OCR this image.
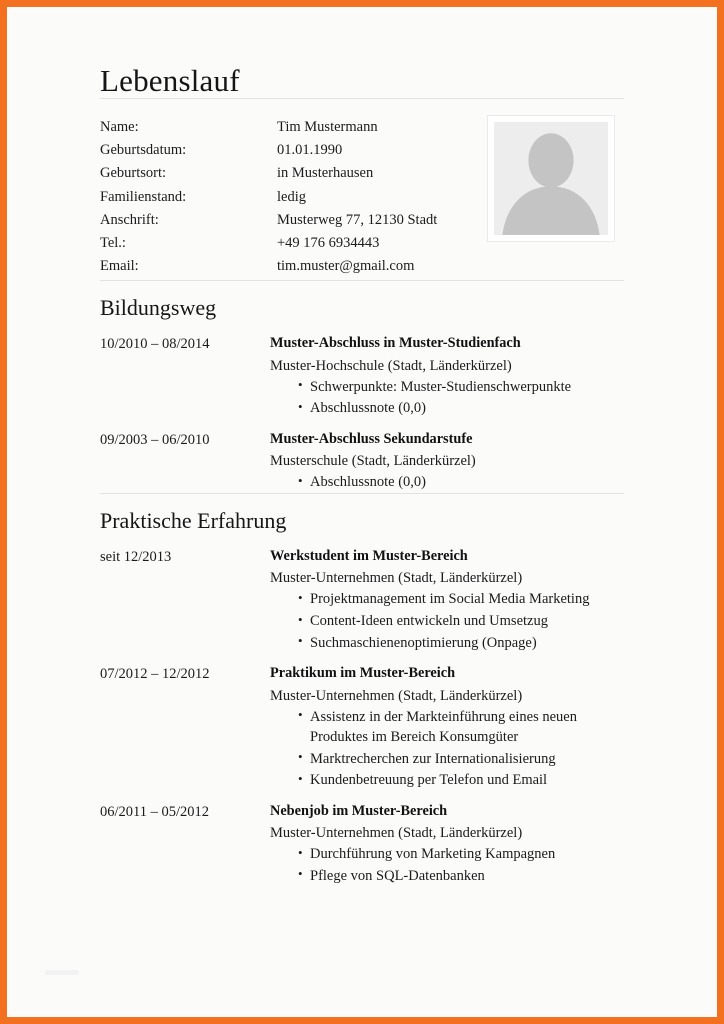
Lebenslauf
Name:	Tim Mustermann
Geburtsdatum:	01.01.1990
Geburtsort:	in Musterhausen
Familienstand:	ledig
Anschrift:	Musterweg 77, 12130 Stadt
Tel.:	+49 176 6934443
Email:	tim.muster@gmail.com
Bildungsweg
10/2010 – 08/2014	Muster-Abschluss in Muster-Studienfach
Muster-Hochschule (Stadt, Länderkürzel)
• Schwerpunkte: Muster-Studienschwerpunkte
• Abschlussnote (0,0)
09/2003 – 06/2010	Muster-Abschluss Sekundarstufe
Musterschule (Stadt, Länderkürzel)
• Abschlussnote (0,0)
Praktische Erfahrung
seit 12/2013	Werkstudent im Muster-Bereich
Muster-Unternehmen (Stadt, Länderkürzel)
• Projektmanagement im Social Media Marketing
• Content-Ideen entwickeln und Umsetzug
• Suchmaschienenoptimierung (Onpage)
07/2012 – 12/2012	Praktikum im Muster-Bereich
Muster-Unternehmen (Stadt, Länderkürzel)
• Assistenz in der Markteinführung eines neuen Produktes im Bereich Konsumgüter
• Marktrecherchen zur Internationalisierung
• Kundenbetreuung per Telefon und Email
06/2011 – 05/2012	Nebenjob im Muster-Bereich
Muster-Unternehmen (Stadt, Länderkürzel)
• Durchführung von Marketing Kampagnen
• Pflege von SQL-Datenbanken
